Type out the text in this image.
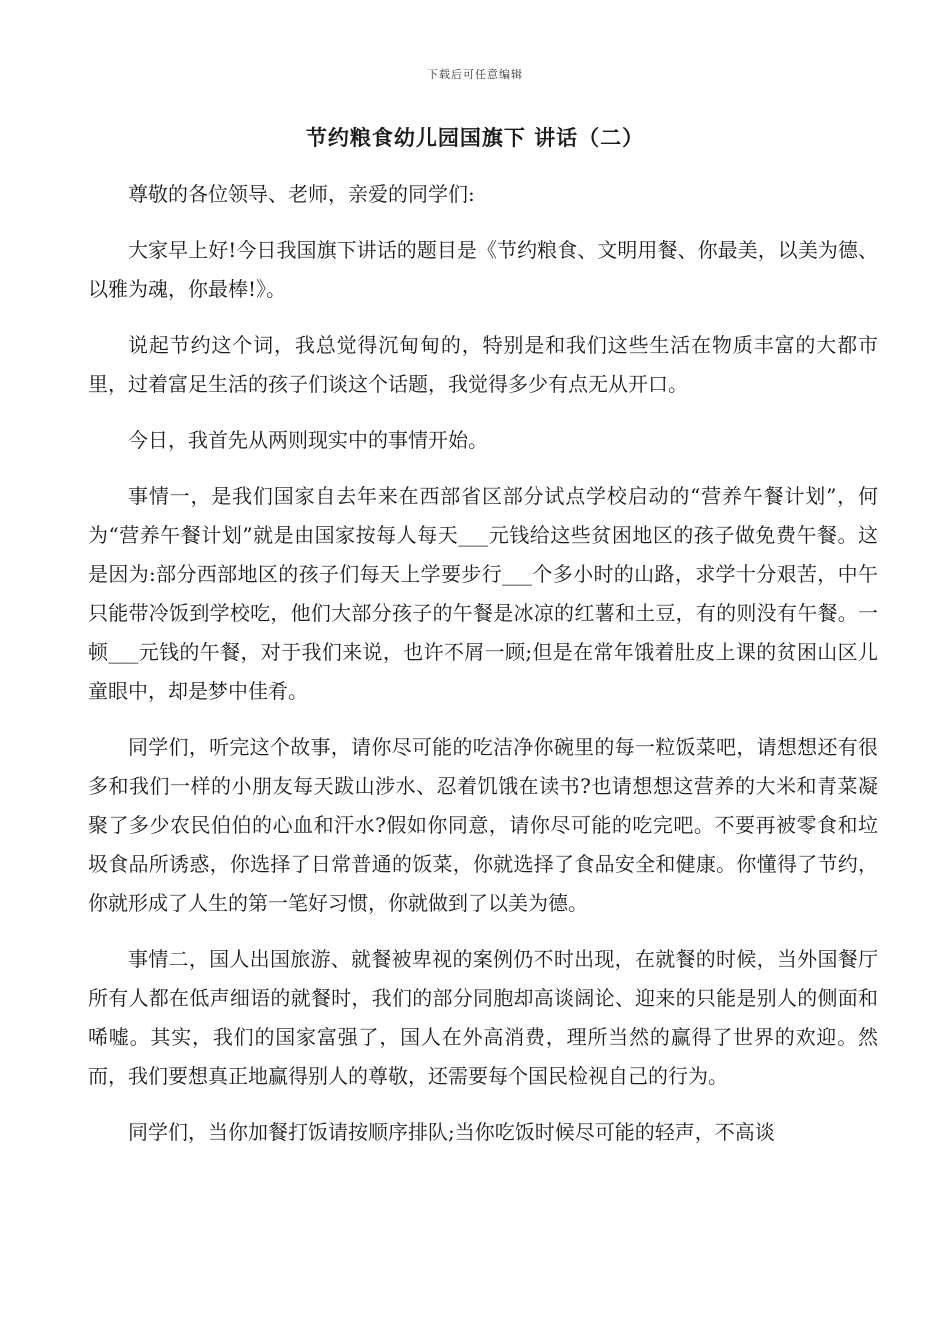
下载后可任意编辑
节约粮食幼儿园国旗下 讲话（二）

尊敬的各位领导、老师，亲爱的同学们:

大家早上好!今日我国旗下讲话的题目是《节约粮食、文明用餐、你最美，以美为德、以雅为魂，你最棒!》。

说起节约这个词，我总觉得沉甸甸的，特别是和我们这些生活在物质丰富的大都市里，过着富足生活的孩子们谈这个话题，我觉得多少有点无从开口。

今日，我首先从两则现实中的事情开始。

事情一，是我们国家自去年来在西部省区部分试点学校启动的“营养午餐计划”，何为“营养午餐计划”就是由国家按每人每天___元钱给这些贫困地区的孩子做免费午餐。这是因为:部分西部地区的孩子们每天上学要步行___个多小时的山路，求学十分艰苦，中午只能带冷饭到学校吃，他们大部分孩子的午餐是冰凉的红薯和土豆，有的则没有午餐。一顿___元钱的午餐，对于我们来说，也许不屑一顾;但是在常年饿着肚皮上课的贫困山区儿童眼中，却是梦中佳肴。

同学们，听完这个故事，请你尽可能的吃洁净你碗里的每一粒饭菜吧，请想想还有很多和我们一样的小朋友每天跋山涉水、忍着饥饿在读书?也请想想这营养的大米和青菜凝聚了多少农民伯伯的心血和汗水?假如你同意，请你尽可能的吃完吧。不要再被零食和垃圾食品所诱惑，你选择了日常普通的饭菜，你就选择了食品安全和健康。你懂得了节约，你就形成了人生的第一笔好习惯，你就做到了以美为德。

事情二，国人出国旅游、就餐被卑视的案例仍不时出现，在就餐的时候，当外国餐厅所有人都在低声细语的就餐时，我们的部分同胞却高谈阔论、迎来的只能是别人的侧面和唏嘘。其实，我们的国家富强了，国人在外高消费，理所当然的赢得了世界的欢迎。然而，我们要想真正地赢得别人的尊敬，还需要每个国民检视自己的行为。

同学们，当你加餐打饭请按顺序排队;当你吃饭时候尽可能的轻声，不高谈
